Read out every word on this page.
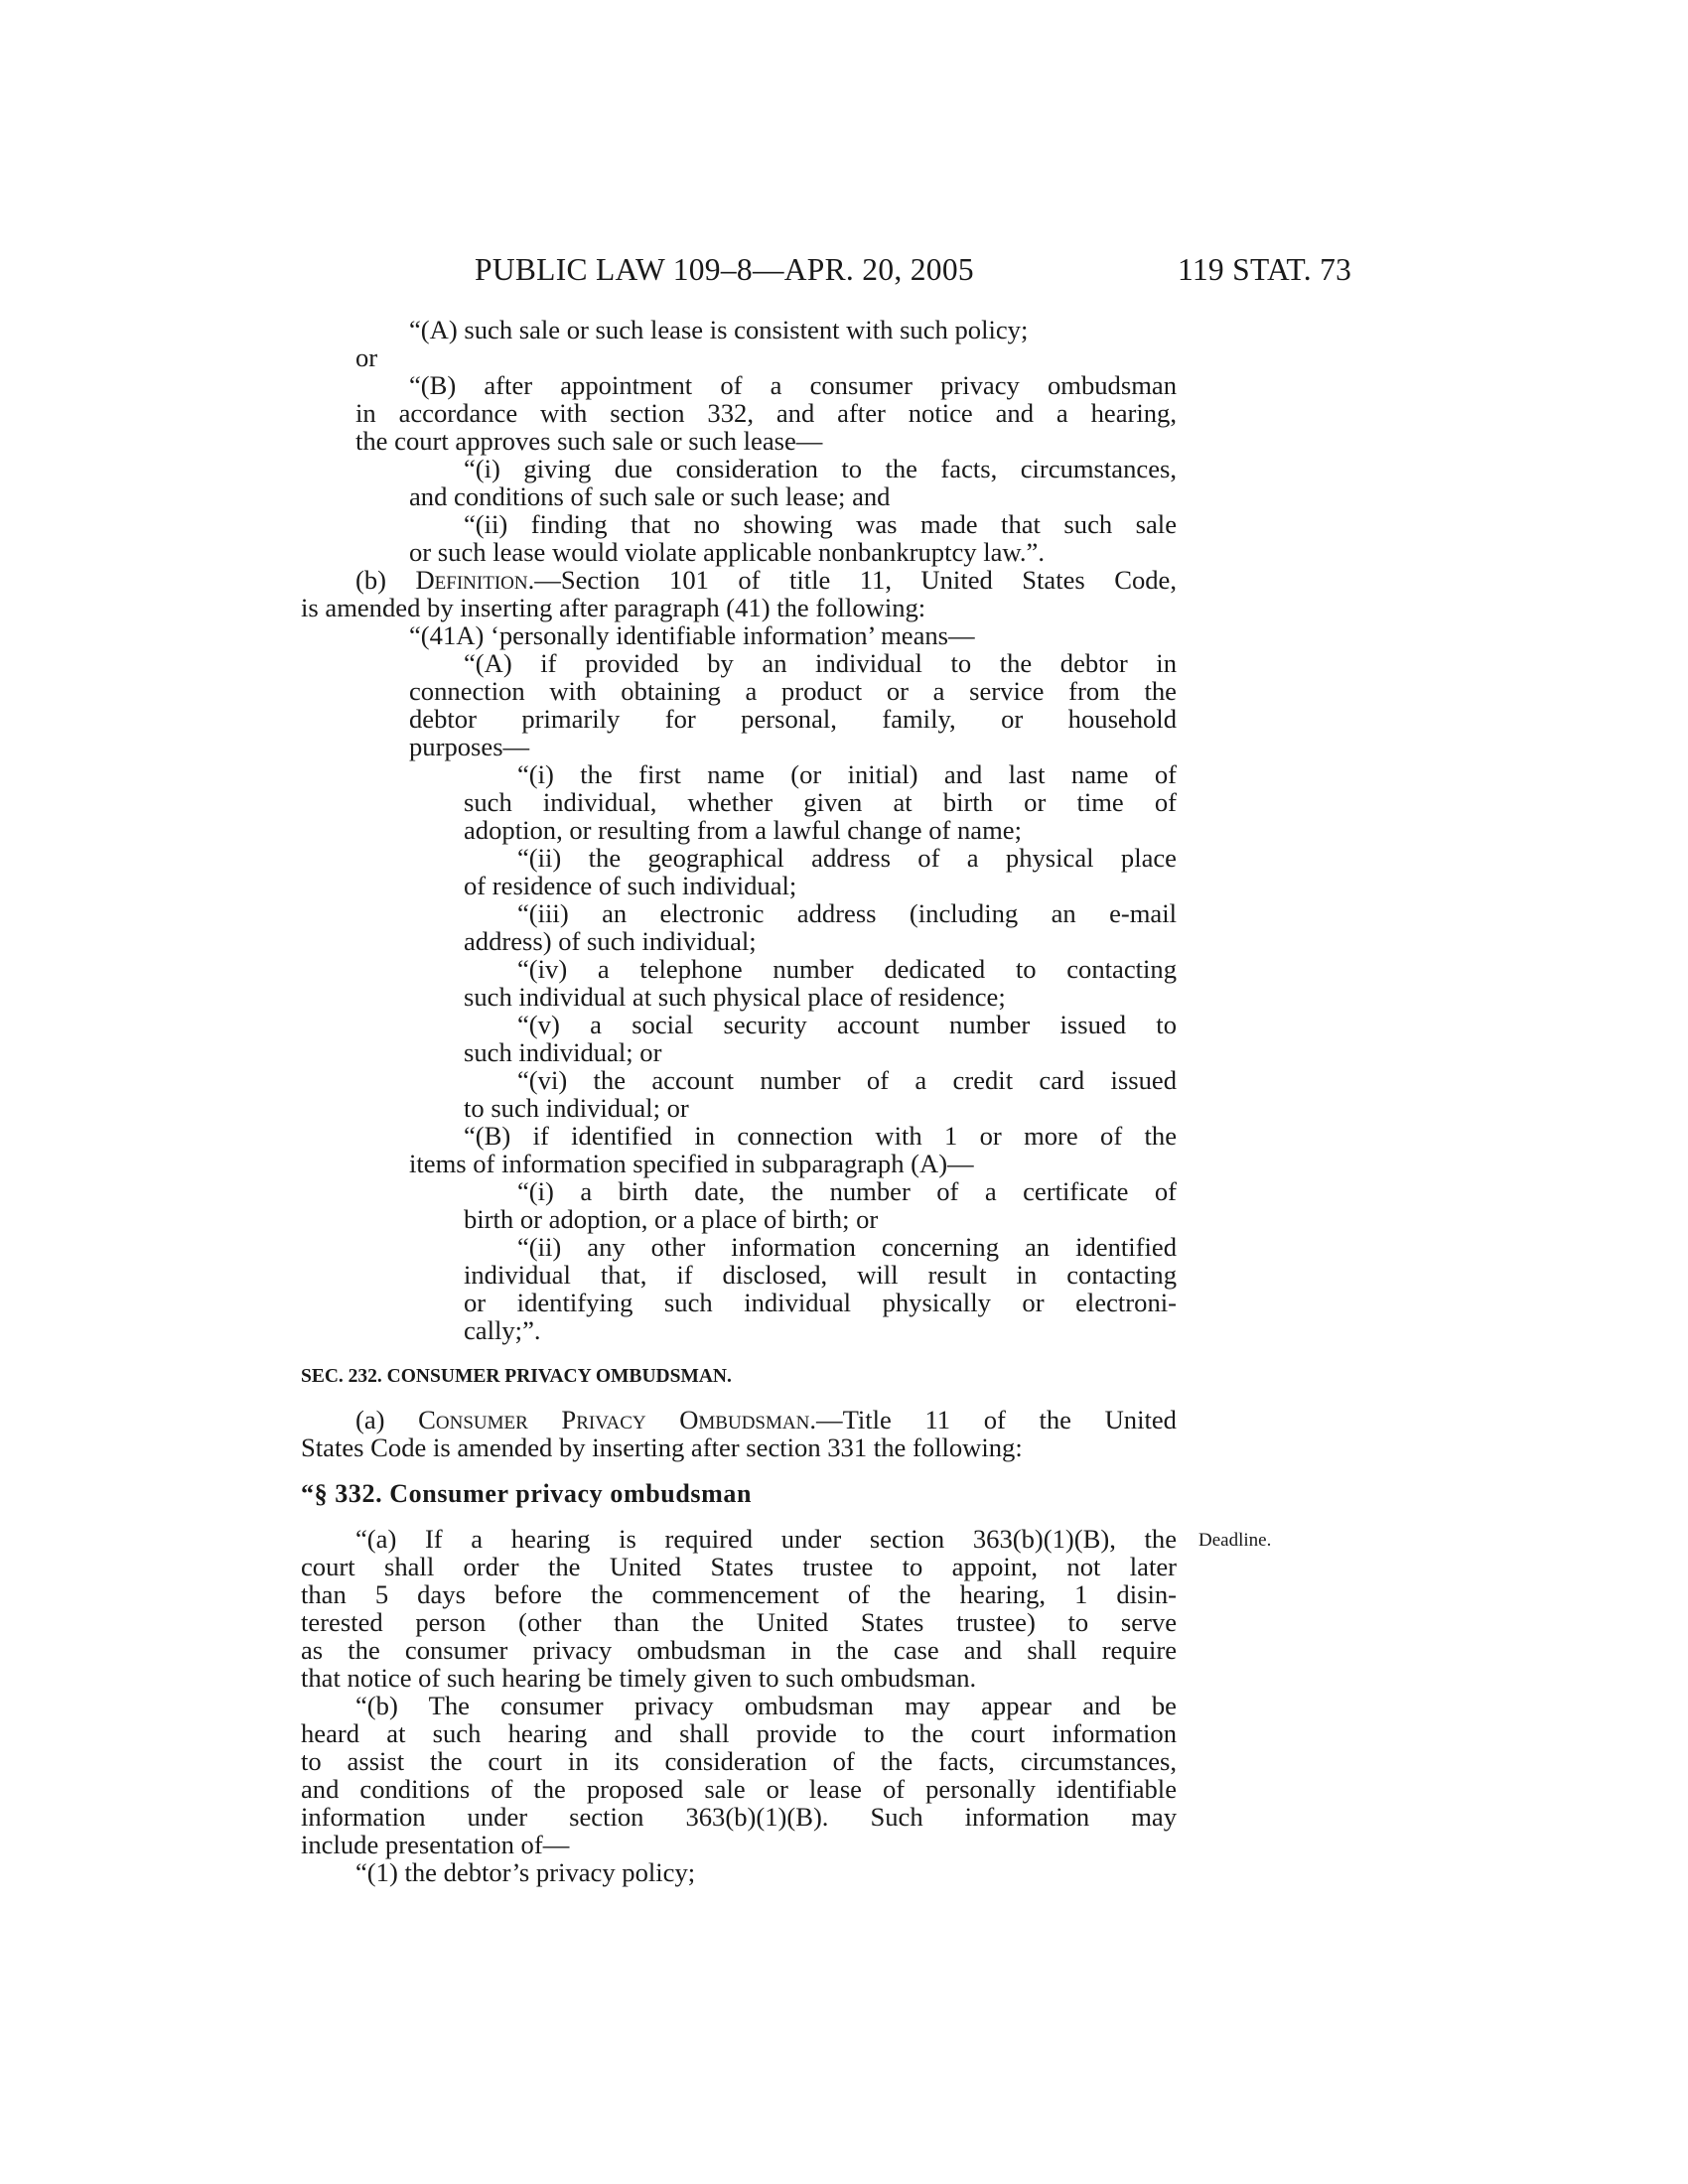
PUBLIC LAW 109–8—APR. 20, 2005	119 STAT. 73
“(A) such sale or such lease is consistent with such policy;
or
“(B) after appointment of a consumer privacy ombudsman
in accordance with section 332, and after notice and a hearing,
the court approves such sale or such lease—
“(i) giving due consideration to the facts, circumstances,
and conditions of such sale or such lease; and
“(ii) finding that no showing was made that such sale
or such lease would violate applicable nonbankruptcy law.”.
(b) Definition.—Section 101 of title 11, United States Code,
is amended by inserting after paragraph (41) the following:
“(41A) ‘personally identifiable information’ means—
“(A) if provided by an individual to the debtor in
connection with obtaining a product or a service from the
debtor primarily for personal, family, or household
purposes—
“(i) the first name (or initial) and last name of
such individual, whether given at birth or time of
adoption, or resulting from a lawful change of name;
“(ii) the geographical address of a physical place
of residence of such individual;
“(iii) an electronic address (including an e-mail
address) of such individual;
“(iv) a telephone number dedicated to contacting
such individual at such physical place of residence;
“(v) a social security account number issued to
such individual; or
“(vi) the account number of a credit card issued
to such individual; or
“(B) if identified in connection with 1 or more of the
items of information specified in subparagraph (A)—
“(i) a birth date, the number of a certificate of
birth or adoption, or a place of birth; or
“(ii) any other information concerning an identified
individual that, if disclosed, will result in contacting
or identifying such individual physically or electroni-
cally;”.
SEC. 232. CONSUMER PRIVACY OMBUDSMAN.
(a) Consumer Privacy Ombudsman.—Title 11 of the United
States Code is amended by inserting after section 331 the following:
“§ 332. Consumer privacy ombudsman
Deadline.
“(a) If a hearing is required under section 363(b)(1)(B), the
court shall order the United States trustee to appoint, not later
than 5 days before the commencement of the hearing, 1 disin-
terested person (other than the United States trustee) to serve
as the consumer privacy ombudsman in the case and shall require
that notice of such hearing be timely given to such ombudsman.
“(b) The consumer privacy ombudsman may appear and be
heard at such hearing and shall provide to the court information
to assist the court in its consideration of the facts, circumstances,
and conditions of the proposed sale or lease of personally identifiable
information under section 363(b)(1)(B). Such information may
include presentation of—
“(1) the debtor’s privacy policy;
